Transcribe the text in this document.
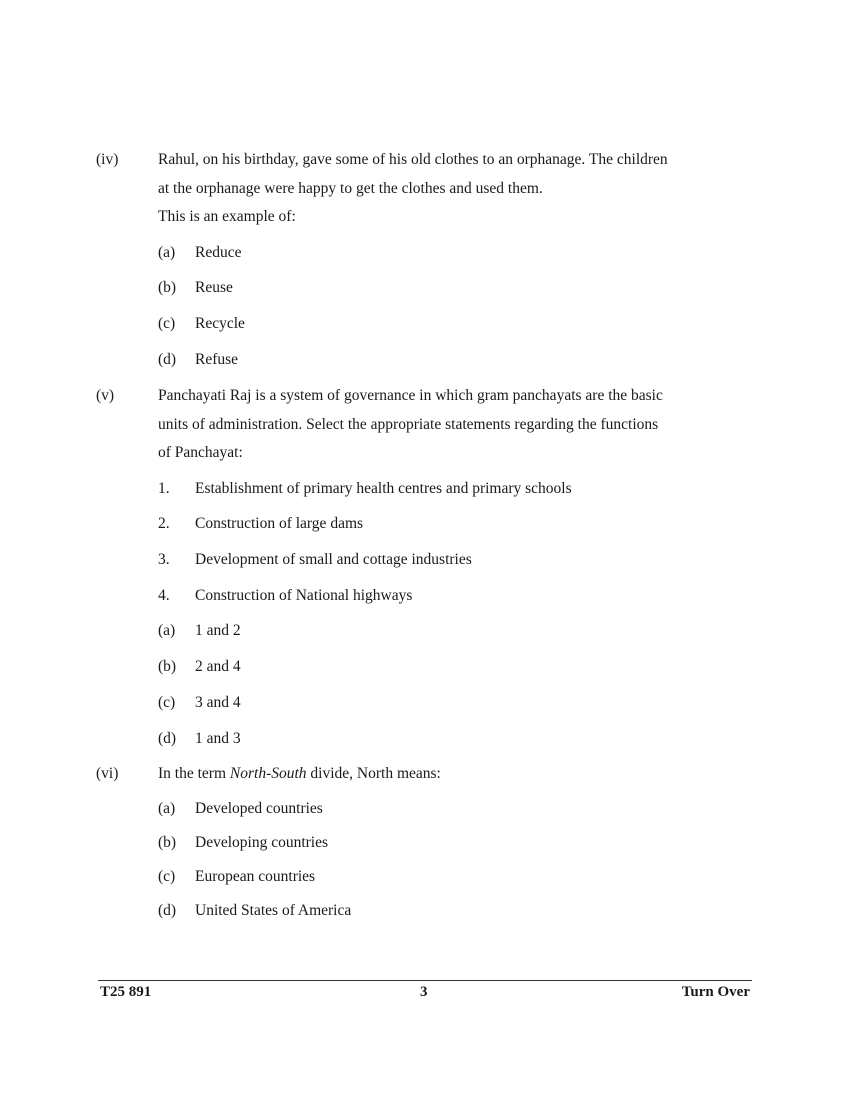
(iv)	Rahul, on his birthday, gave some of his old clothes to an orphanage. The children
at the orphanage were happy to get the clothes and used them.
This is an example of:
(a) Reduce
(b) Reuse
(c) Recycle
(d) Refuse
(v)	Panchayati Raj is a system of governance in which gram panchayats are the basic
units of administration. Select the appropriate statements regarding the functions
of Panchayat:
1. Establishment of primary health centres and primary schools
2. Construction of large dams
3. Development of small and cottage industries
4. Construction of National highways
(a) 1 and 2
(b) 2 and 4
(c) 3 and 4
(d) 1 and 3
(vi)	In the term North-South divide, North means:
(a) Developed countries
(b) Developing countries
(c) European countries
(d) United States of America
T25 891	3	Turn Over
